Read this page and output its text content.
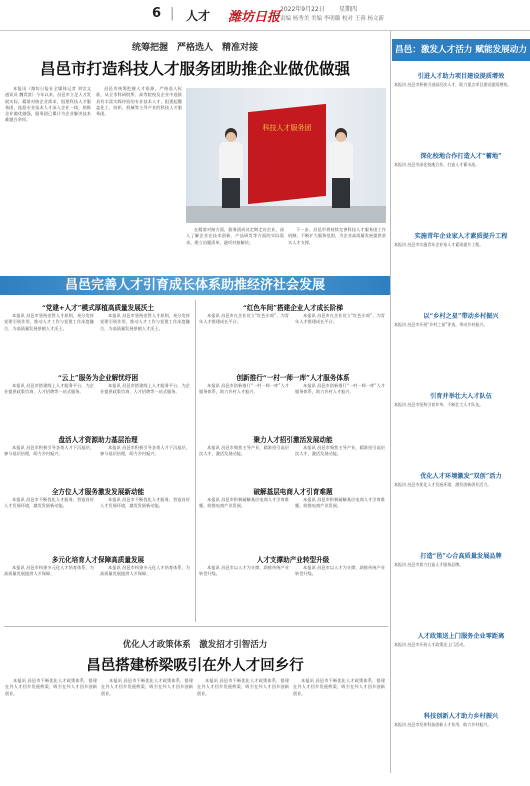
6 | 人才 潍坊日报
2022年9月22日 星期四
责编 杨秀美 美编 李明璐 校对 王蓉 杨文新
统筹把握　严格选人　精准对接
昌邑市打造科技人才服务团助推企业做优做强

本报讯（潍坊日报社全媒体记者 刘宗文 通讯员 魏青滨）今年以来，昌邑市立足人才发展实际，精准对接企业需求，组建科技人才服务团，选派专业技术人才深入企业一线，助推企业做优做强，服务团已累计为企业解决技术难题百余项。

昌邑市统筹把握人才资源，严格选人标准，从全市科研院所、高等院校及企业中选拔具有丰富实践经验的专业技术人才，组建起覆盖化工、纺织、机械等主导产业的科技人才服务团。

科技人才服务团

在精准对接方面，服务团成员定期走访企业，深入了解企业在技术创新、产品研发等方面的实际需求，建立问题清单，逐项对接解决。

下一步，昌邑市将持续完善科技人才服务团工作机制，不断扩大服务范围，为企业高质量发展提供坚实人才支撑。

昌邑完善人才引育成长体系助推经济社会发展
“党建+人才”模式厚植高质量发展沃土

本报讯 昌邑市坚持党管人才原则，充分发挥党建引领作用，推动人才工作与党建工作深度融合，为高质量发展厚植人才沃土。

本报讯 昌邑市坚持党管人才原则，充分发挥党建引领作用，推动人才工作与党建工作深度融合，为高质量发展厚植人才沃土。

“云上”服务为企业解忧纾困

本报讯 昌邑市搭建线上人才服务平台，为企业提供政策咨询、人才招聘等一站式服务。

本报讯 昌邑市搭建线上人才服务平台，为企业提供政策咨询、人才招聘等一站式服务。

盘活人才资源助力基层治理

本报讯 昌邑市积极引导各类人才下沉基层，参与基层治理，助力乡村振兴。

本报讯 昌邑市积极引导各类人才下沉基层，参与基层治理，助力乡村振兴。

全方位人才服务激发发展新动能

本报讯 昌邑市不断优化人才服务，营造良好人才发展环境，激发发展新动能。

本报讯 昌邑市不断优化人才服务，营造良好人才发展环境，激发发展新动能。

多元化培育人才保障高质量发展

本报讯 昌邑市构建多元化人才培育体系，为高质量发展提供人才保障。

本报讯 昌邑市构建多元化人才培育体系，为高质量发展提供人才保障。

“红色车间”搭建企业人才成长阶梯

本报讯 昌邑市在企业设立“红色车间”，为青年人才搭建成长平台。

本报讯 昌邑市在企业设立“红色车间”，为青年人才搭建成长平台。

创新推行“一村一师一库”人才服务体系

本报讯 昌邑市创新推行“一村一师一库”人才服务体系，助力乡村人才振兴。

本报讯 昌邑市创新推行“一村一师一库”人才服务体系，助力乡村人才振兴。

聚力人才招引激活发展动能

本报讯 昌邑市聚焦主导产业，精准招引高层次人才，激活发展动能。

本报讯 昌邑市聚焦主导产业，精准招引高层次人才，激活发展动能。

破解基层电商人才引育难题

本报讯 昌邑市积极破解基层电商人才引育难题，助推电商产业发展。

本报讯 昌邑市积极破解基层电商人才引育难题，助推电商产业发展。

人才支撑助产业转型升级

本报讯 昌邑市以人才为支撑，助推传统产业转型升级。

本报讯 昌邑市以人才为支撑，助推传统产业转型升级。

优化人才政策体系　激发招才引智活力
昌邑搭建桥梁吸引在外人才回乡行

本报讯 昌邑市不断优化人才政策体系，搭建在外人才回乡发展桥梁，吸引在外人才回乡创新创业。

本报讯 昌邑市不断优化人才政策体系，搭建在外人才回乡发展桥梁，吸引在外人才回乡创新创业。

本报讯 昌邑市不断优化人才政策体系，搭建在外人才回乡发展桥梁，吸引在外人才回乡创新创业。

本报讯 昌邑市不断优化人才政策体系，搭建在外人才回乡发展桥梁，吸引在外人才回乡创新创业。

昌邑：激发人才活力 赋能发展动力
引进人才助力项目建设提质增效
本报讯 昌邑市积极引进高层次人才，助力重点项目建设提质增效。
深化校地合作打造人才“蓄地”
本报讯 昌邑市深化校地合作，打造人才蓄水池。
实施青年企业家人才素质提升工程
本报讯 昌邑市实施青年企业家人才素质提升工程。
以“乡村之星”带动乡村振兴
本报讯 昌邑市开展“乡村之星”评选，带动乡村振兴。
引育并举壮大人才队伍
本报讯 昌邑市坚持引育并举，不断壮大人才队伍。
优化人才环境激发“双创”活力
本报讯 昌邑市优化人才发展环境，激发创新创业活力。
打造“邑”心合高质量发展品牌
本报讯 昌邑市着力打造人才服务品牌。
人才政策送上门服务企业零距离
本报讯 昌邑市开展人才政策送上门活动。
科技创新人才助力乡村振兴
本报讯 昌邑市发挥科技创新人才作用，助力乡村振兴。
